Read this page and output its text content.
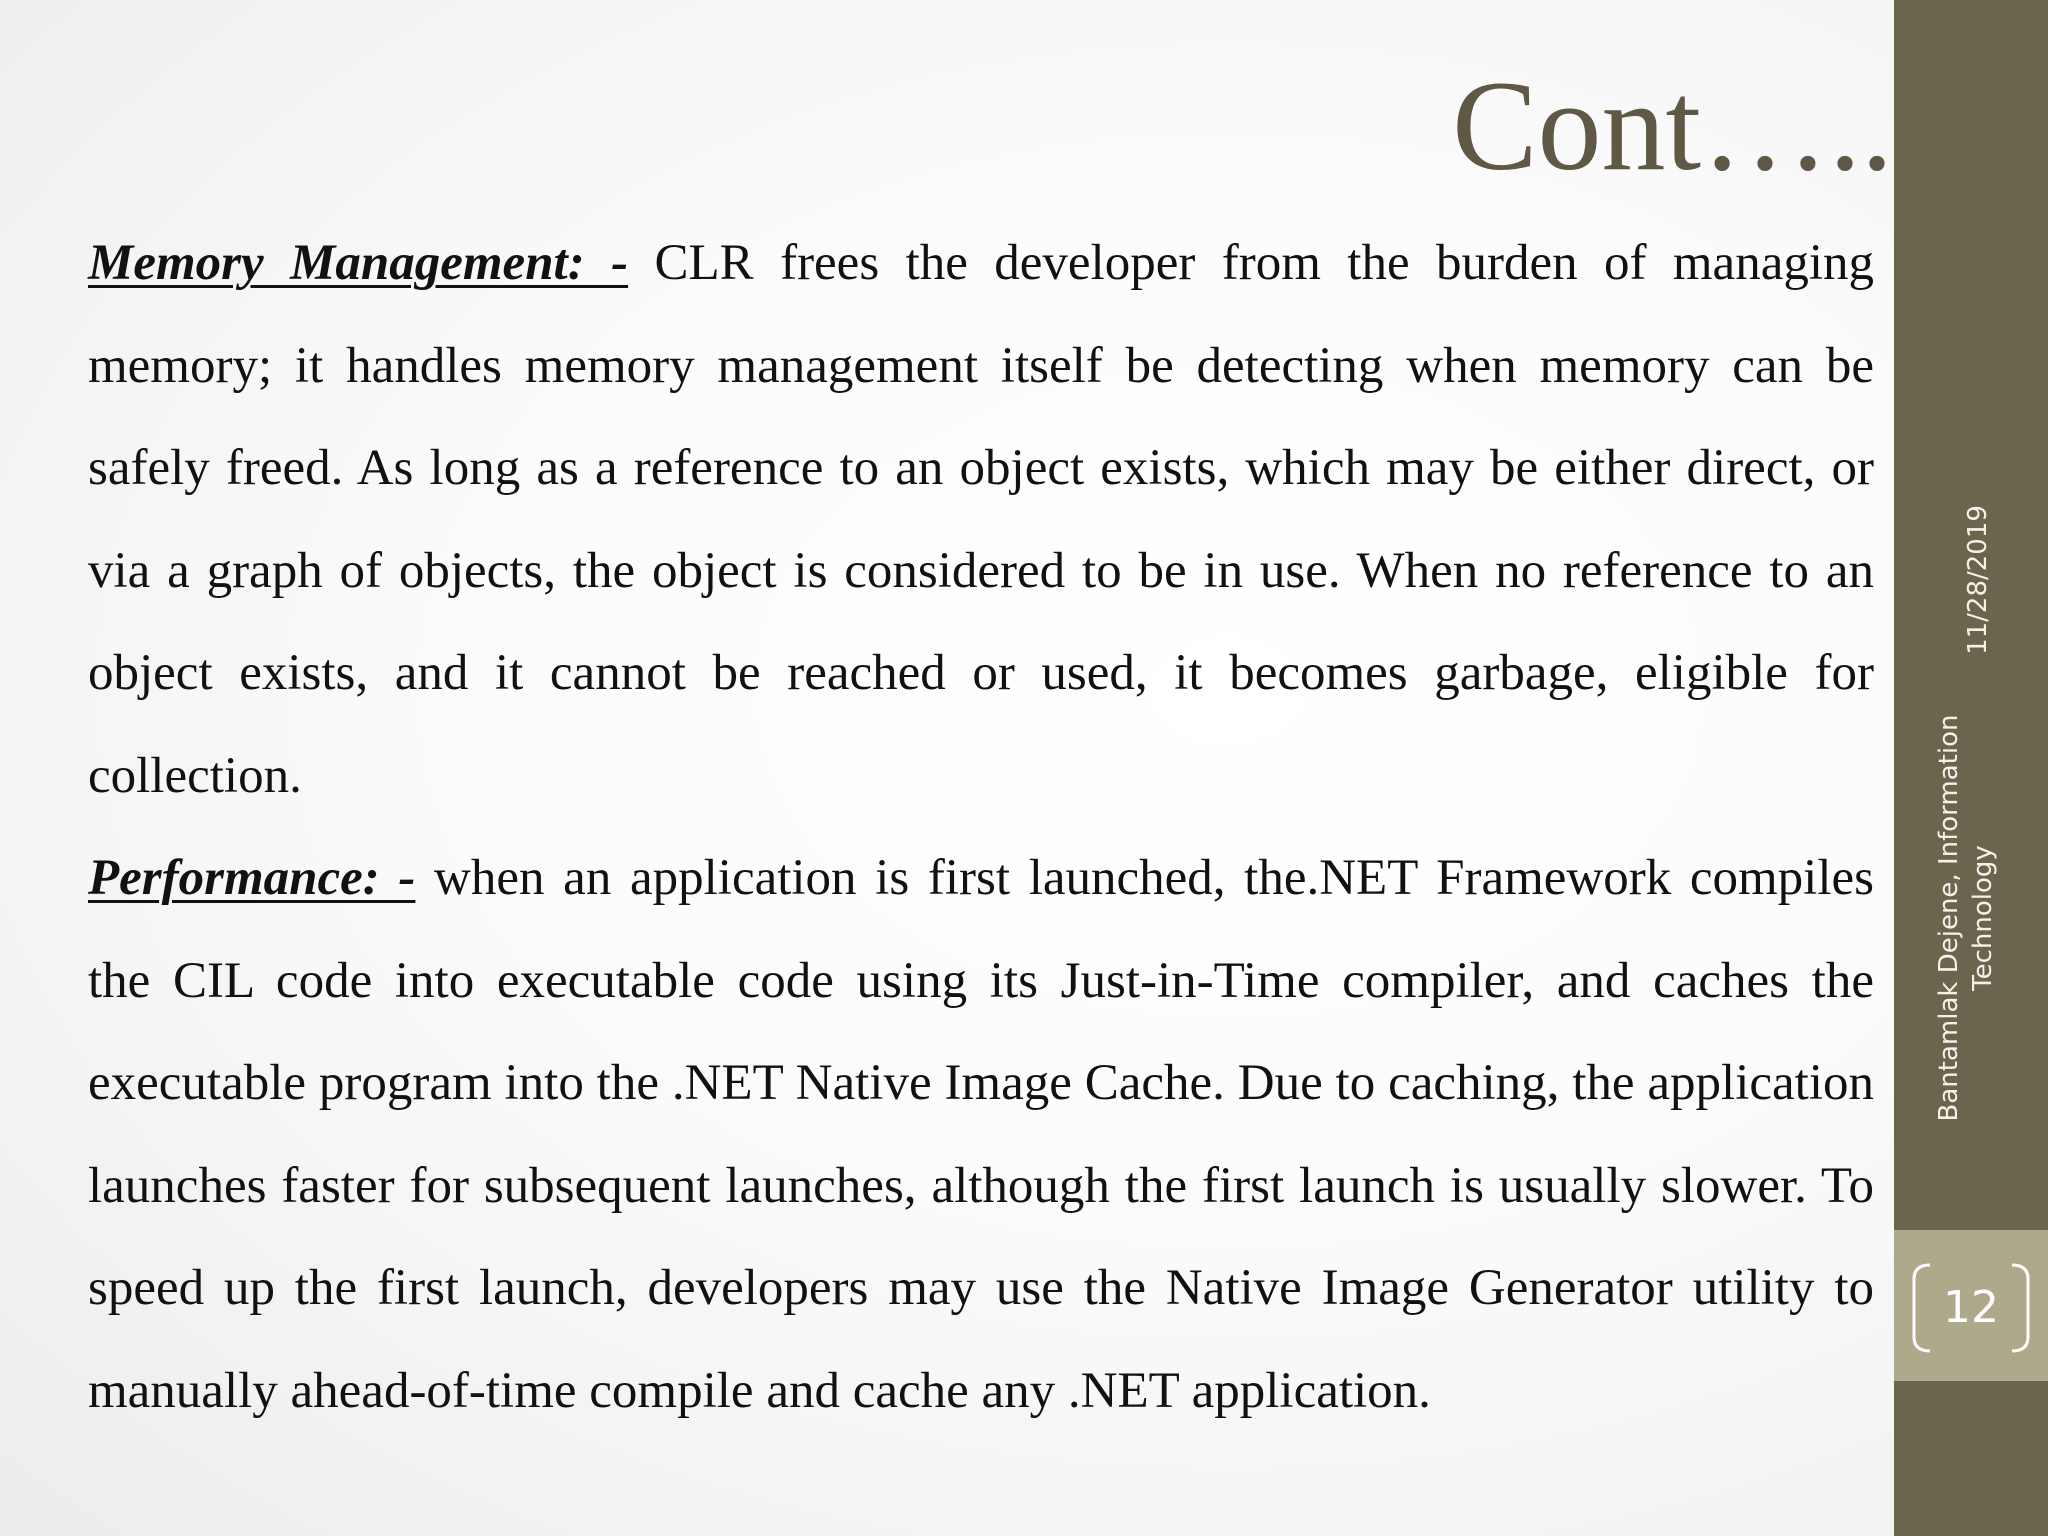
Cont…..

Memory Management: - CLR frees the developer from the burden of managing memory; it handles memory management itself be detecting when memory can be safely freed. As long as a reference to an object exists, which may be either direct, or via a graph of objects, the object is considered to be in use. When no reference to an object exists, and it cannot be reached or used, it becomes garbage, eligible for collection.

Performance: - when an application is first launched, the.NET Framework compiles the CIL code into executable code using its Just-in-Time compiler, and caches the executable program into the .NET Native Image Cache. Due to caching, the application launches faster for subsequent launches, although the first launch is usually slower. To speed up the first launch, developers may use the Native Image Generator utility to manually ahead-of-time compile and cache any .NET application.

11/28/2019
Bantamlak Dejene, Information Technology
12
